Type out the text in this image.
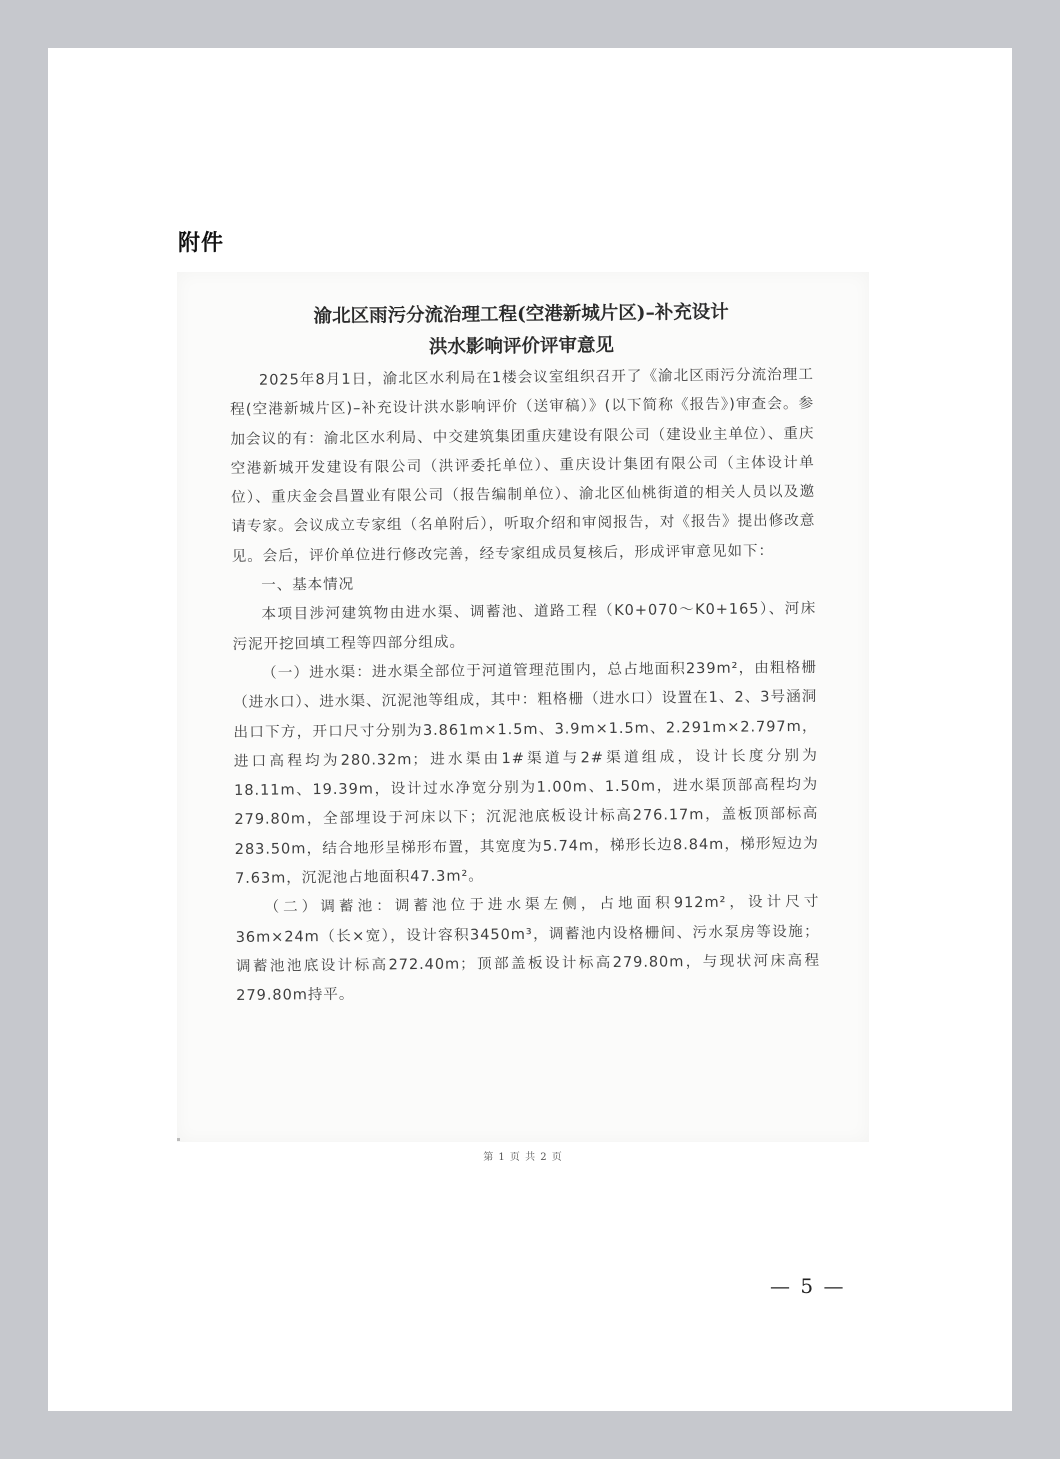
附件

渝北区雨污分流治理工程(空港新城片区)–补充设计

洪水影响评价评审意见

2025年8月1日，渝北区水利局在1楼会议室组织召开了《渝北区雨污分流治理工程(空港新城片区)–补充设计洪水影响评价（送审稿）》(以下简称《报告》)审查会。参加会议的有：渝北区水利局、中交建筑集团重庆建设有限公司（建设业主单位）、重庆空港新城开发建设有限公司（洪评委托单位）、重庆设计集团有限公司（主体设计单位）、重庆金会昌置业有限公司（报告编制单位）、渝北区仙桃街道的相关人员以及邀请专家。会议成立专家组（名单附后），听取介绍和审阅报告，对《报告》提出修改意见。会后，评价单位进行修改完善，经专家组成员复核后，形成评审意见如下：

一、基本情况

本项目涉河建筑物由进水渠、调蓄池、道路工程（K0+070～K0+165）、河床污泥开挖回填工程等四部分组成。

（一）进水渠：进水渠全部位于河道管理范围内，总占地面积239m²，由粗格栅（进水口）、进水渠、沉泥池等组成，其中：粗格栅（进水口）设置在1、2、3号涵洞出口下方，开口尺寸分别为3.861m×1.5m、3.9m×1.5m、2.291m×2.797m，进口高程均为280.32m；进水渠由1#渠道与2#渠道组成，设计长度分别为18.11m、19.39m，设计过水净宽分别为1.00m、1.50m，进水渠顶部高程均为279.80m，全部埋设于河床以下；沉泥池底板设计标高276.17m，盖板顶部标高283.50m，结合地形呈梯形布置，其宽度为5.74m，梯形长边8.84m，梯形短边为7.63m，沉泥池占地面积47.3m²。

（二）调蓄池：调蓄池位于进水渠左侧，占地面积912m²，设计尺寸36m×24m（长×宽），设计容积3450m³，调蓄池内设格栅间、污水泵房等设施；调蓄池池底设计标高272.40m；顶部盖板设计标高279.80m，与现状河床高程279.80m持平。

第 1 页 共 2 页
— 5 —
